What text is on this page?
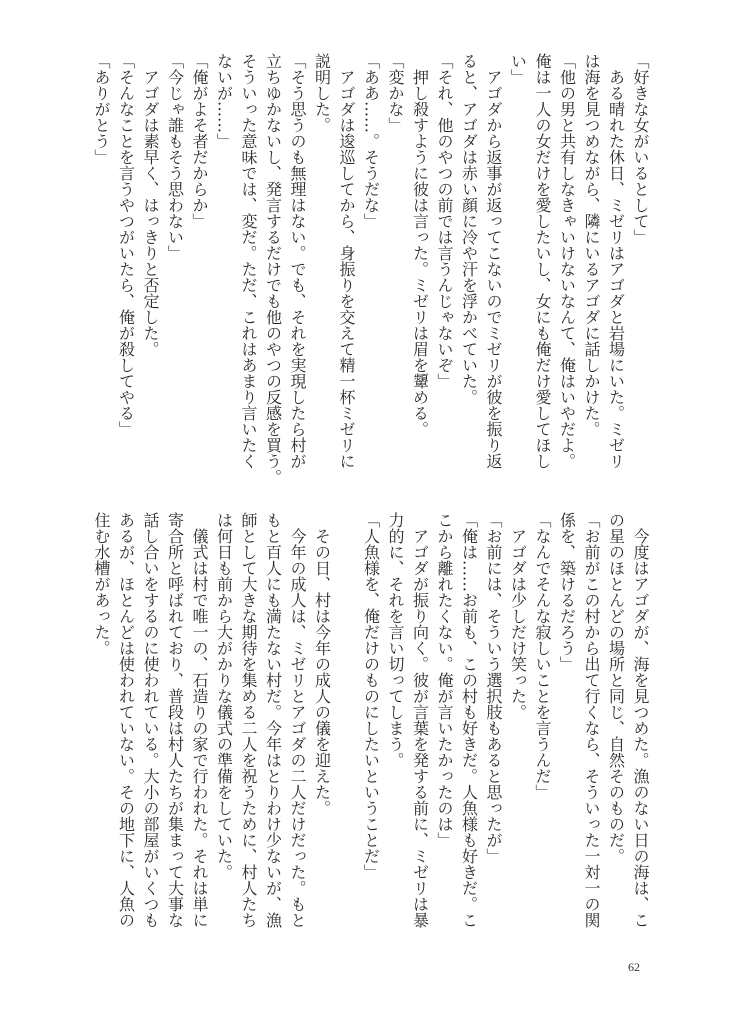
「好きな女がいるとして」
　ある晴れた休日、ミゼリはアゴダと岩場にいた。ミゼリ
は海を見つめながら、隣にいるアゴダに話しかけた。
「他の男と共有しなきゃいけないなんて、俺はいやだよ。
俺は一人の女だけを愛したいし、女にも俺だけ愛してほし
い」
　アゴダから返事が返ってこないのでミゼリが彼を振り返
ると、アゴダは赤い顔に冷や汗を浮かべていた。
「それ、他のやつの前では言うんじゃないぞ」
　押し殺すように彼は言った。ミゼリは眉を顰める。
「変かな」
「ああ……。そうだな」
　アゴダは逡巡してから、身振りを交えて精一杯ミゼリに
説明した。
「そう思うのも無理はない。でも、それを実現したら村が
立ちゆかないし、発言するだけでも他のやつの反感を買う。
そういった意味では、変だ。ただ、これはあまり言いたく
ないが……」
「俺がよそ者だからか」
「今じゃ誰もそう思わない」
　アゴダは素早く、はっきりと否定した。
「そんなことを言うやつがいたら、俺が殺してやる」
「ありがとう」
　今度はアゴダが、海を見つめた。漁のない日の海は、こ
の星のほとんどの場所と同じ、自然そのものだ。
「お前がこの村から出て行くなら、そういった一対一の関
係を、築けるだろう」
「なんでそんな寂しいことを言うんだ」
　アゴダは少しだけ笑った。
「お前には、そういう選択肢もあると思ったが」
「俺は……お前も、この村も好きだ。人魚様も好きだ。こ
こから離れたくない。俺が言いたかったのは」
　アゴダが振り向く。彼が言葉を発する前に、ミゼリは暴
力的に、それを言い切ってしまう。
「人魚様を、俺だけのものにしたいということだ」
　その日、村は今年の成人の儀を迎えた。
　今年の成人は、ミゼリとアゴダの二人だけだった。もと
もと百人にも満たない村だ。今年はとりわけ少ないが、漁
師として大きな期待を集める二人を祝うために、村人たち
は何日も前から大がかりな儀式の準備をしていた。
　儀式は村で唯一の、石造りの家で行われた。それは単に
寄合所と呼ばれており、普段は村人たちが集まって大事な
話し合いをするのに使われている。大小の部屋がいくつも
あるが、ほとんどは使われていない。その地下に、人魚の
住む水槽があった。
62
